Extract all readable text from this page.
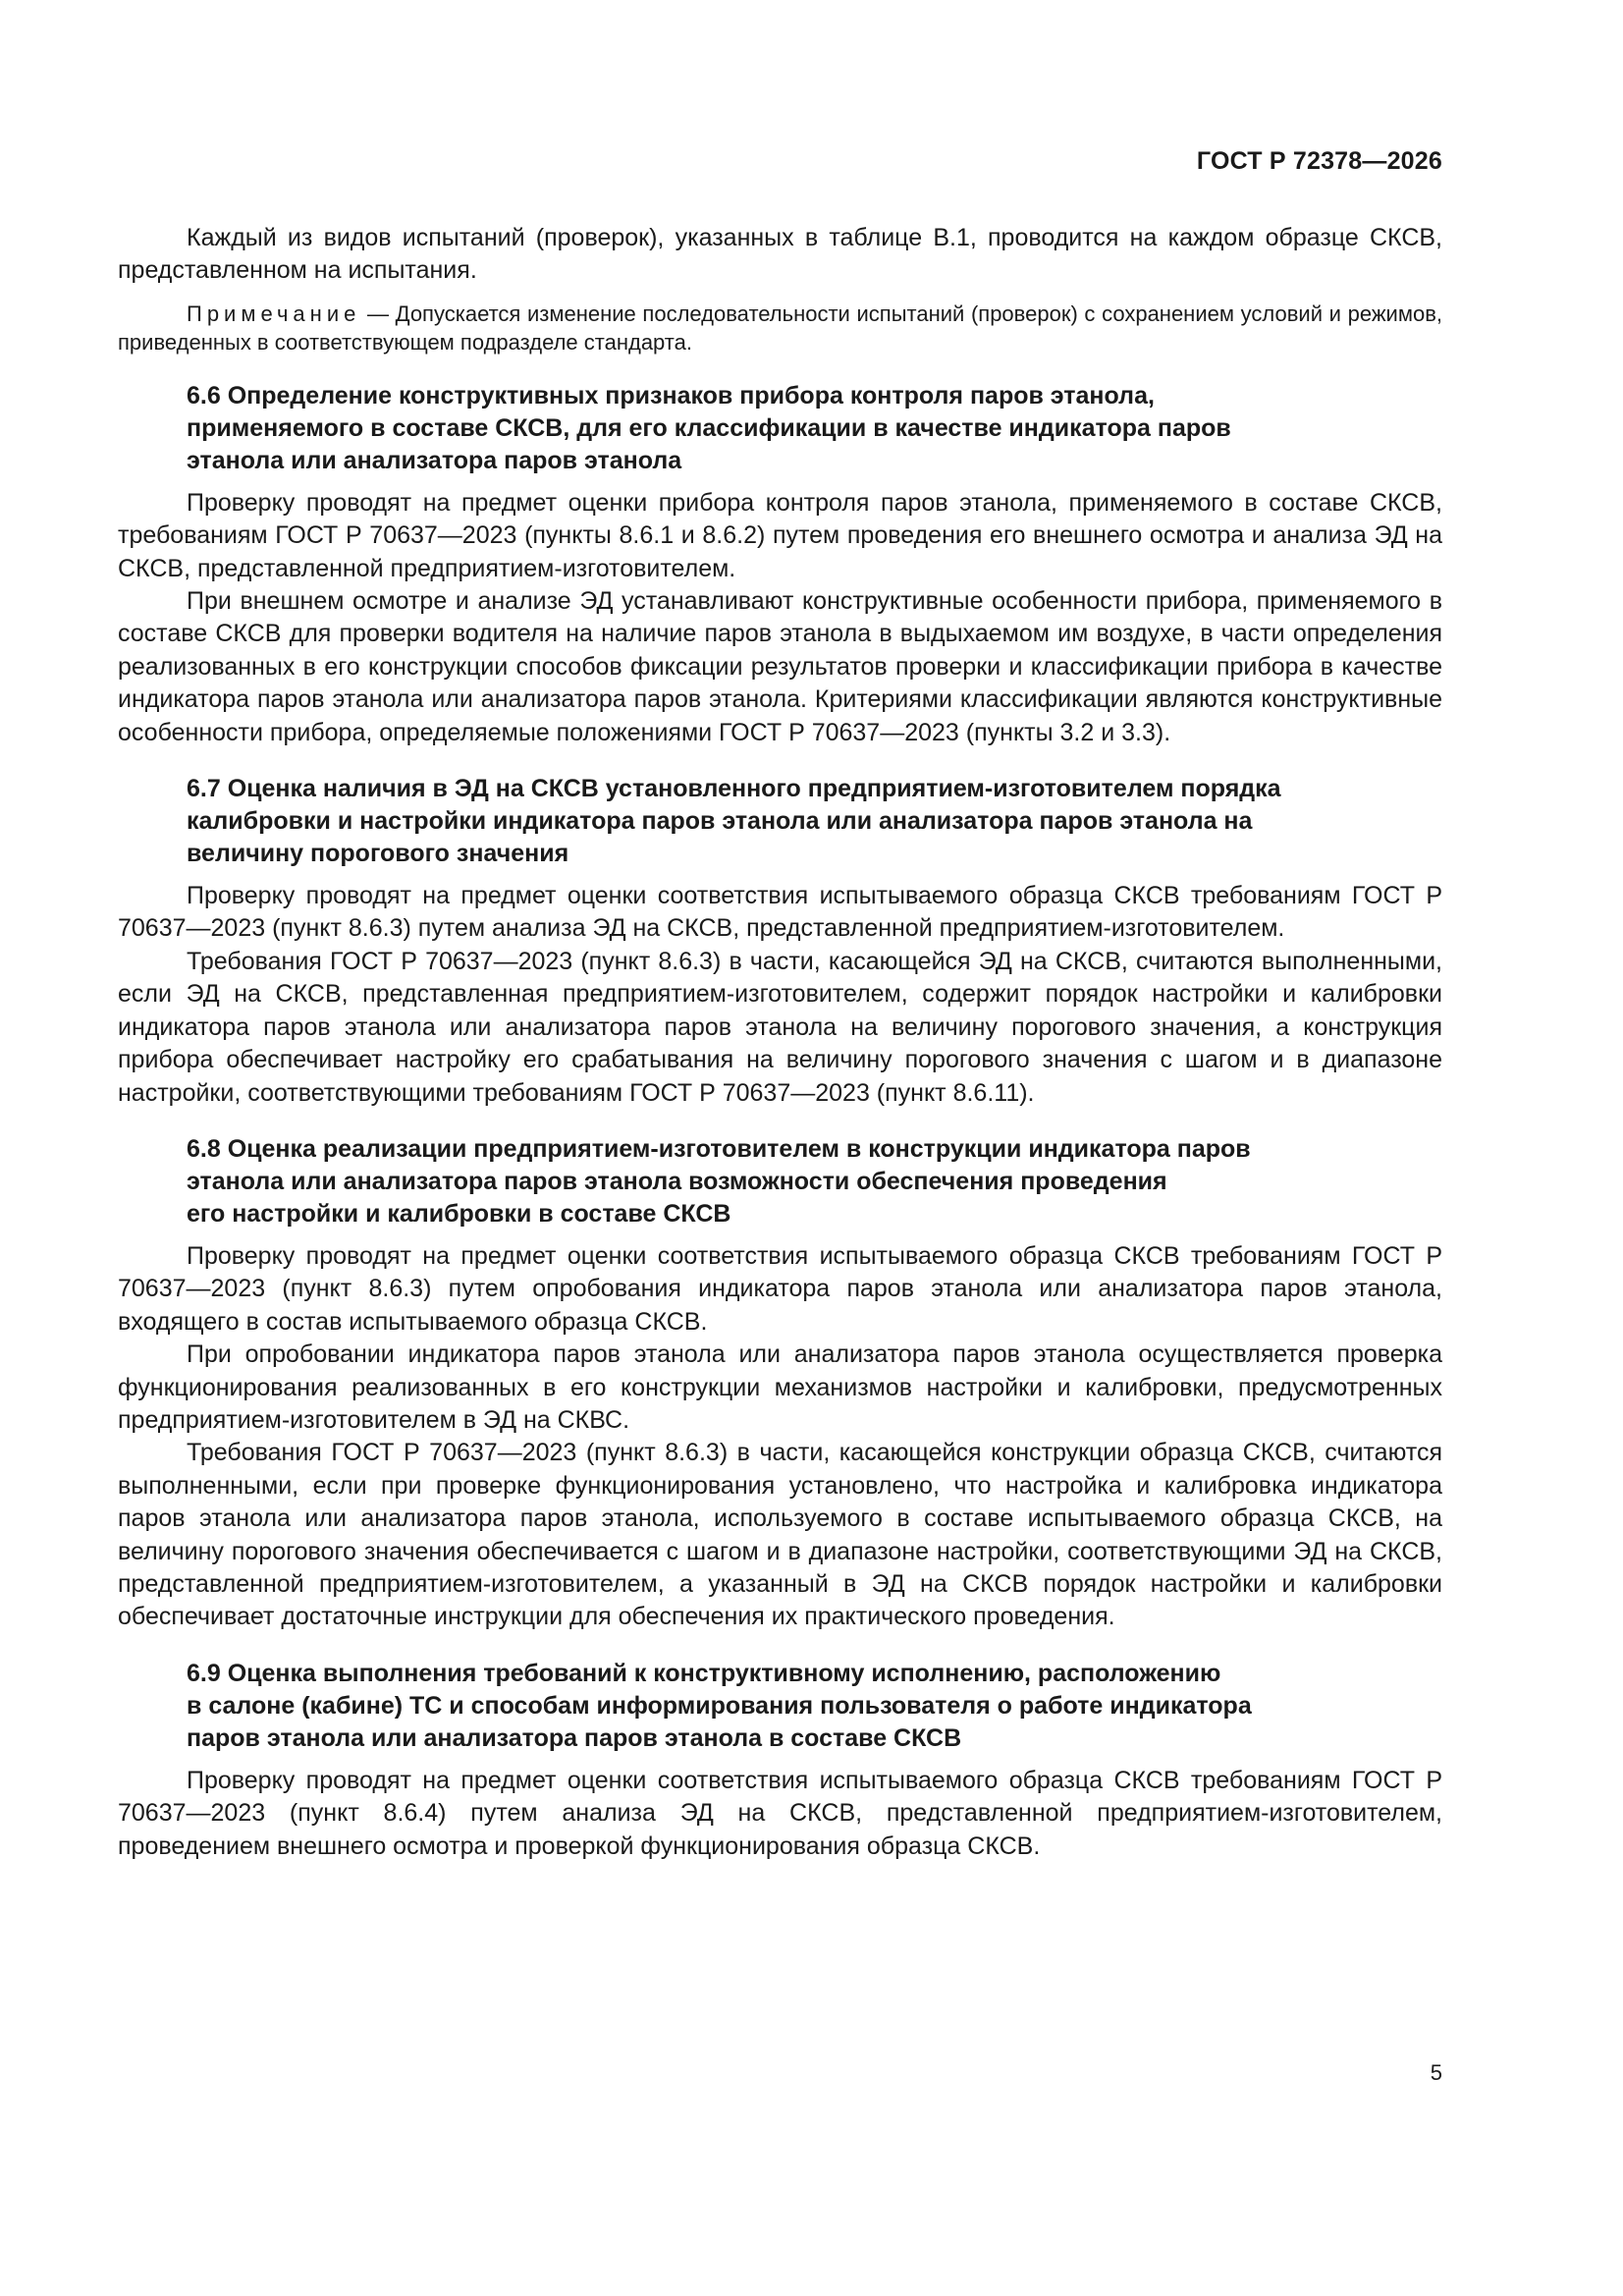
ГОСТ Р 72378—2026

Каждый из видов испытаний (проверок), указанных в таблице В.1, проводится на каждом образце СКСВ, представленном на испытания.

Примечание — Допускается изменение последовательности испытаний (проверок) с сохранением условий и режимов, приведенных в соответствующем подразделе стандарта.

6.6 Определение конструктивных признаков прибора контроля паров этанола,
применяемого в составе СКСВ, для его классификации в качестве индикатора паров
этанола или анализатора паров этанола

Проверку проводят на предмет оценки прибора контроля паров этанола, применяемого в составе СКСВ, требованиям ГОСТ Р 70637—2023 (пункты 8.6.1 и 8.6.2) путем проведения его внешнего осмотра и анализа ЭД на СКСВ, представленной предприятием-изготовителем.

При внешнем осмотре и анализе ЭД устанавливают конструктивные особенности прибора, применяемого в составе СКСВ для проверки водителя на наличие паров этанола в выдыхаемом им воздухе, в части определения реализованных в его конструкции способов фиксации результатов проверки и классификации прибора в качестве индикатора паров этанола или анализатора паров этанола. Критериями классификации являются конструктивные особенности прибора, определяемые положениями ГОСТ Р 70637—2023 (пункты 3.2 и 3.3).

6.7 Оценка наличия в ЭД на СКСВ установленного предприятием-изготовителем порядка
калибровки и настройки индикатора паров этанола или анализатора паров этанола на
величину порогового значения

Проверку проводят на предмет оценки соответствия испытываемого образца СКСВ требованиям ГОСТ Р 70637—2023 (пункт 8.6.3) путем анализа ЭД на СКСВ, представленной предприятием-изготовителем.

Требования ГОСТ Р 70637—2023 (пункт 8.6.3) в части, касающейся ЭД на СКСВ, считаются выполненными, если ЭД на СКСВ, представленная предприятием-изготовителем, содержит порядок настройки и калибровки индикатора паров этанола или анализатора паров этанола на величину порогового значения, а конструкция прибора обеспечивает настройку его срабатывания на величину порогового значения с шагом и в диапазоне настройки, соответствующими требованиям ГОСТ Р 70637—2023 (пункт 8.6.11).

6.8 Оценка реализации предприятием-изготовителем в конструкции индикатора паров
этанола или анализатора паров этанола возможности обеспечения проведения
его настройки и калибровки в составе СКСВ

Проверку проводят на предмет оценки соответствия испытываемого образца СКСВ требованиям ГОСТ Р 70637—2023 (пункт 8.6.3) путем опробования индикатора паров этанола или анализатора паров этанола, входящего в состав испытываемого образца СКСВ.

При опробовании индикатора паров этанола или анализатора паров этанола осуществляется проверка функционирования реализованных в его конструкции механизмов настройки и калибровки, предусмотренных предприятием-изготовителем в ЭД на СКВС.

Требования ГОСТ Р 70637—2023 (пункт 8.6.3) в части, касающейся конструкции образца СКСВ, считаются выполненными, если при проверке функционирования установлено, что настройка и калибровка индикатора паров этанола или анализатора паров этанола, используемого в составе испытываемого образца СКСВ, на величину порогового значения обеспечивается с шагом и в диапазоне настройки, соответствующими ЭД на СКСВ, представленной предприятием-изготовителем, а указанный в ЭД на СКСВ порядок настройки и калибровки обеспечивает достаточные инструкции для обеспечения их практического проведения.

6.9 Оценка выполнения требований к конструктивному исполнению, расположению
в салоне (кабине) ТС и способам информирования пользователя о работе индикатора
паров этанола или анализатора паров этанола в составе СКСВ

Проверку проводят на предмет оценки соответствия испытываемого образца СКСВ требованиям ГОСТ Р 70637—2023 (пункт 8.6.4) путем анализа ЭД на СКСВ, представленной предприятием-изготовителем, проведением внешнего осмотра и проверкой функционирования образца СКСВ.

5
